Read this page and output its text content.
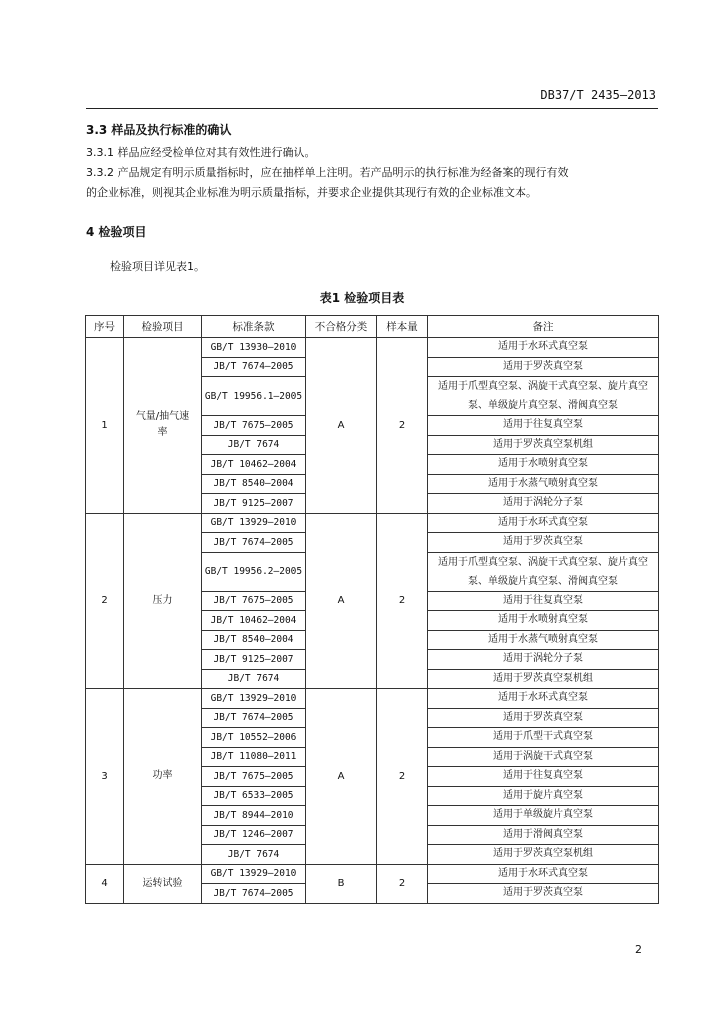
DB37/T 2435—2013
3.3 样品及执行标准的确认
3.3.1 样品应经受检单位对其有效性进行确认。
3.3.2 产品规定有明示质量指标时，应在抽样单上注明。若产品明示的执行标准为经备案的现行有效
的企业标准，则视其企业标准为明示质量指标，并要求企业提供其现行有效的企业标准文本。
4 检验项目
检验项目详见表1。
表1 检验项目表
序号	检验项目	标准条款	不合格分类	样本量	备注
1	气量/抽气速率	GB/T 13930—2010	A	2	适用于水环式真空泵
		JB/T 7674—2005			适用于罗茨真空泵
		GB/T 19956.1—2005			适用于爪型真空泵、涡旋干式真空泵、旋片真空泵、单级旋片真空泵、滑阀真空泵
		JB/T 7675—2005			适用于往复真空泵
		JB/T 7674			适用于罗茨真空泵机组
		JB/T 10462—2004			适用于水喷射真空泵
		JB/T 8540—2004			适用于水蒸气喷射真空泵
		JB/T 9125—2007			适用于涡轮分子泵
2	压力	GB/T 13929—2010	A	2	适用于水环式真空泵
		JB/T 7674—2005			适用于罗茨真空泵
		GB/T 19956.2—2005			适用于爪型真空泵、涡旋干式真空泵、旋片真空泵、单级旋片真空泵、滑阀真空泵
		JB/T 7675—2005			适用于往复真空泵
		JB/T 10462—2004			适用于水喷射真空泵
		JB/T 8540—2004			适用于水蒸气喷射真空泵
		JB/T 9125—2007			适用于涡轮分子泵
		JB/T 7674			适用于罗茨真空泵机组
3	功率	GB/T 13929—2010	A	2	适用于水环式真空泵
		JB/T 7674—2005			适用于罗茨真空泵
		JB/T 10552—2006			适用于爪型干式真空泵
		JB/T 11080—2011			适用于涡旋干式真空泵
		JB/T 7675—2005			适用于往复真空泵
		JB/T 6533—2005			适用于旋片真空泵
		JB/T 8944—2010			适用于单级旋片真空泵
		JB/T 1246—2007			适用于滑阀真空泵
		JB/T 7674			适用于罗茨真空泵机组
4	运转试验	GB/T 13929—2010	B	2	适用于水环式真空泵
		JB/T 7674—2005			适用于罗茨真空泵
2
